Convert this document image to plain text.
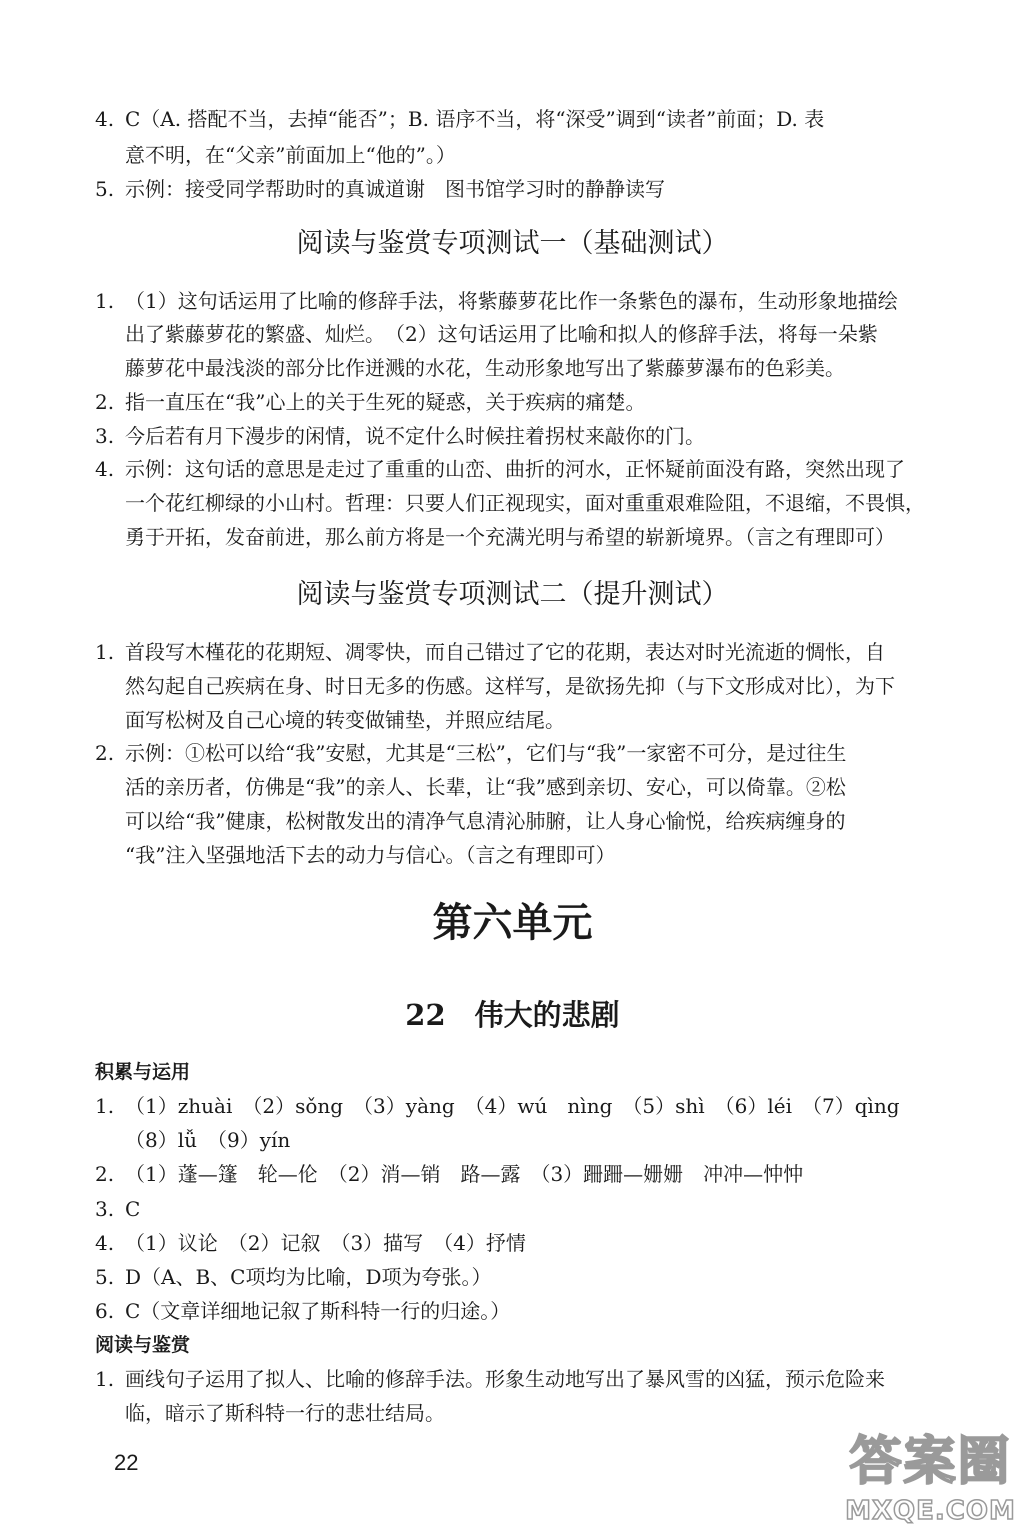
4. C（A. 搭配不当，去掉“能否”；B. 语序不当，将“深受”调到“读者”前面；D. 表
意不明，在“父亲”前面加上“他的”。）
5. 示例：接受同学帮助时的真诚道谢　图书馆学习时的静静读写
阅读与鉴赏专项测试一（基础测试）
1. （1）这句话运用了比喻的修辞手法，将紫藤萝花比作一条紫色的瀑布，生动形象地描绘
出了紫藤萝花的繁盛、灿烂。　（2）这句话运用了比喻和拟人的修辞手法，将每一朵紫
藤萝花中最浅淡的部分比作迸溅的水花，生动形象地写出了紫藤萝瀑布的色彩美。
2. 指一直压在“我”心上的关于生死的疑惑，关于疾病的痛楚。
3. 今后若有月下漫步的闲情，说不定什么时候拄着拐杖来敲你的门。
4. 示例：这句话的意思是走过了重重的山峦、曲折的河水，正怀疑前面没有路，突然出现了
一个花红柳绿的小山村。哲理：只要人们正视现实，面对重重艰难险阻，不退缩，不畏惧，
勇于开拓，发奋前进，那么前方将是一个充满光明与希望的崭新境界。（言之有理即可）
阅读与鉴赏专项测试二（提升测试）
1. 首段写木槿花的花期短、凋零快，而自己错过了它的花期，表达对时光流逝的惆怅，自
然勾起自己疾病在身、时日无多的伤感。这样写，是欲扬先抑（与下文形成对比），为下
面写松树及自己心境的转变做铺垫，并照应结尾。
2. 示例：①松可以给“我”安慰，尤其是“三松”，它们与“我”一家密不可分，是过往生
活的亲历者，仿佛是“我”的亲人、长辈，让“我”感到亲切、安心，可以倚靠。②松
可以给“我”健康，松树散发出的清净气息清沁肺腑，让人身心愉悦，给疾病缠身的
“我”注入坚强地活下去的动力与信心。（言之有理即可）
第六单元
22　 伟大的悲剧
积累与运用
1. （1）zhuài　（2）sǒng　（3）yàng　（4）wú　nìng　（5）shì　（6）léi　（7）qìng
（8）lǚ　（9）yín
2. （1）蓬—篷　轮—伦　（2）消—销　路—露　（3）跚跚—姗姗　冲冲—忡忡
3. C
4. （1）议论　（2）记叙　（3）描写　（4）抒情
5. D（A、B、C项均为比喻，D项为夸张。）
6. C（文章详细地记叙了斯科特一行的归途。）
阅读与鉴赏
1. 画线句子运用了拟人、比喻的修辞手法。形象生动地写出了暴风雪的凶猛，预示危险来
临，暗示了斯科特一行的悲壮结局。
22	答案圈
MXQE.COM
